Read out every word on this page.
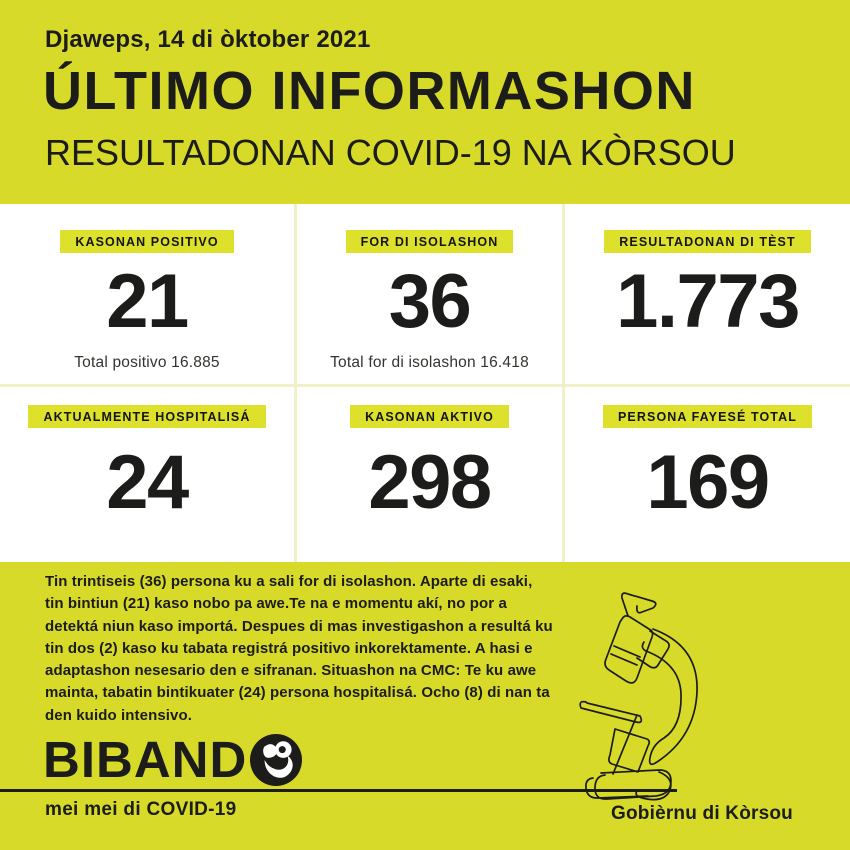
Djaweps, 14 di òktober 2021
ÚLTIMO INFORMASHON
RESULTADONAN COVID-19 NA KÒRSOU
KASONAN POSITIVO
21
Total positivo 16.885
FOR DI ISOLASHON
36
Total for di isolashon 16.418
RESULTADONAN DI TÈST
1.773
AKTUALMENTE HOSPITALISÁ
24
KASONAN AKTIVO
298
PERSONA FAYESÉ TOTAL
169
Tin trintiseis (36) persona ku a sali for di isolashon. Aparte di esaki, tin bintiun (21) kaso nobo pa awe.Te na e momentu akí, no por a detektá niun kaso importá. Despues di mas investigashon a resultá ku tin dos (2) kaso ku tabata registrá positivo inkorektamente. A hasi e adaptashon nesesario den e sifranan. Situashon na CMC: Te ku awe mainta, tabatin bintikuater (24) persona hospitalisá. Ocho (8) di nan ta den kuido intensivo.
BIBAND
mei mei di COVID-19	Gobièrnu di Kòrsou
